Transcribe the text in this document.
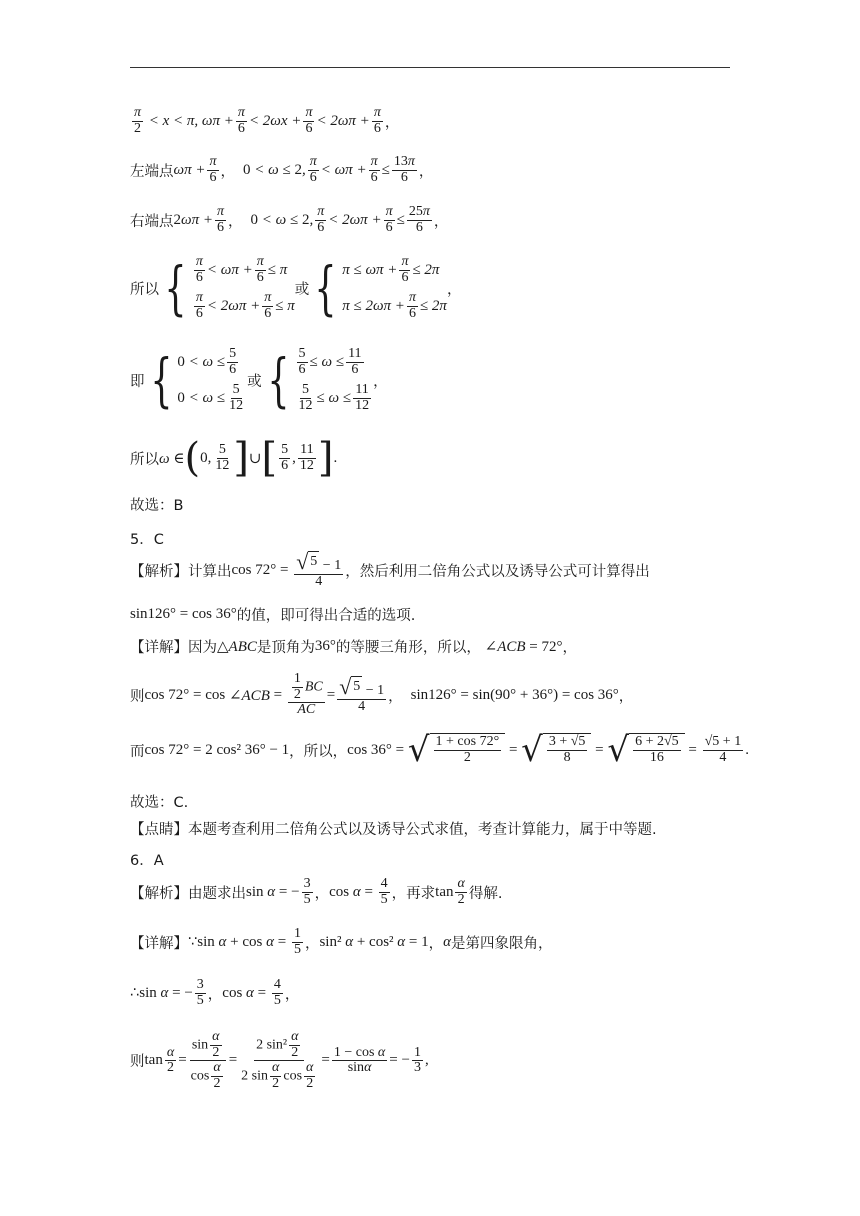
$\frac{\pi}{2} < x < \pi$, $\omega\pi + \frac{\pi}{6} < 2\omega x + \frac{\pi}{6} < 2\omega\pi + \frac{\pi}{6}$ ，
左端点 $\omega\pi + \frac{\pi}{6}$ ， 0 < ω ≤ 2, $\frac{\pi}{6} < \omega\pi + \frac{\pi}{6} \le \frac{13\pi}{6}$ ，
右端点 $2\omega\pi + \frac{\pi}{6}$ ， 0 < ω ≤ 2, $\frac{\pi}{6} < 2\omega\pi + \frac{\pi}{6} \le \frac{25\pi}{6}$ ，
所以 { $\frac{\pi}{6} < \omega\pi + \frac{\pi}{6} \le \pi$
$\frac{\pi}{6} < 2\omega\pi + \frac{\pi}{6} \le \pi$
或 { $\pi \le \omega\pi + \frac{\pi}{6} \le 2\pi$
$\pi \le 2\omega\pi + \frac{\pi}{6} \le 2\pi$
，
即 { $0 < \omega \le \frac{5}{6}$
$0 < \omega \le \frac{5}{12}$
或 { $\frac{5}{6} \le \omega \le \frac{11}{6}$
$\frac{5}{12} \le \omega \le \frac{11}{12}$
，
所以 ω ∈ ( 0, $\frac{5}{12}$ ] ∪ [ $\frac{5}{6}$ , $\frac{11}{12}$ ] .
故选：B
5．C
【解析】 计算出 $\cos 72^\circ = \frac{√ 5 - 1}{4}$ ，然后利用二倍角公式以及诱导公式可计算得出
sin126° = cos 36° 的值，即可得出合适的选项.
【详解】 因为 △ABC 是顶角为 36° 的等腰三角形，所以， ∠ACB = 72° ，
则 cos 72° = cos ∠ACB = $\frac{\frac{1}{2} BC}{AC} = \frac{√ 5 - 1}{4}$ ， sin126° = sin(90° + 36°) = cos 36° ，
而 cos 72° = 2 cos² 36° − 1 ，所以， cos 36° = √ $\frac{1 + \cos 72^\circ}{2}$ = √ $\frac{3 + √5}{8}$ = √ $\frac{6 + 2√5}{16} = \frac{√5 + 1}{4}$ .
故选：C.
【点睛】 本题考查利用二倍角公式以及诱导公式求值，考查计算能力，属于中等题.
6．A
【解析】 由题求出 sin α = − $\frac{3}{5}$ ， $\cos \alpha = \frac{4}{5}$ ，再求 $\tan \frac{\alpha}{2}$ 得解.
【详解】 ∵ $\sin \alpha + \cos \alpha = \frac{1}{5}$ ， sin² α + cos² α = 1 ， α 是第四象限角，
∴ sin α = − $\frac{3}{5}$ ， $\cos \alpha = \frac{4}{5}$ ，
则 $\tan \frac{\alpha}{2} = \frac{\sin \frac{\alpha}{2}}{\cos \frac{\alpha}{2}} = \frac{2 \sin^2 \frac{\alpha}{2}}{2 \sin \frac{\alpha}{2} \cos \frac{\alpha}{2}} = \frac{\text{1 − cos α}}{\sin\alpha}$ = − $\frac{1}{3}$ ,
